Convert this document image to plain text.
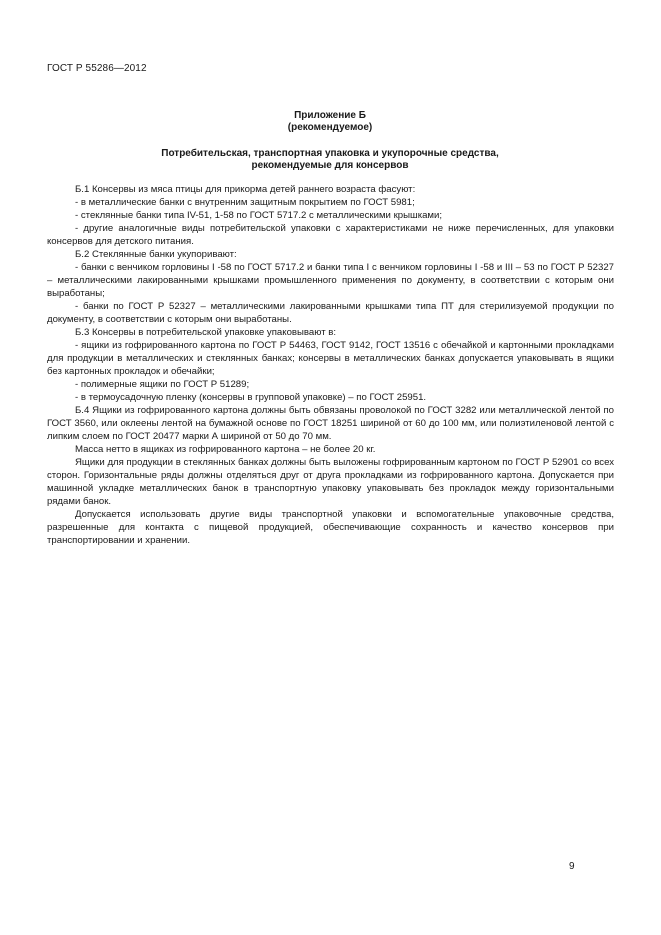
ГОСТ Р 55286—2012
Приложение Б
(рекомендуемое)
Потребительская, транспортная упаковка и укупорочные средства,
рекомендуемые для консервов

Б.1 Консервы из мяса птицы для прикорма детей раннего возраста фасуют:

- в металлические банки с внутренним защитным покрытием по ГОСТ 5981;

- стеклянные банки типа IV-51, 1-58 по ГОСТ 5717.2 с металлическими крышками;

- другие аналогичные виды потребительской упаковки с характеристиками не ниже перечисленных, для упаковки консервов для детского питания.

Б.2 Стеклянные банки укупоривают:

- банки с венчиком горловины I -58 по ГОСТ 5717.2 и банки типа I с венчиком горловины I -58 и III – 53 по ГОСТ Р 52327 – металлическими лакированными крышками промышленного применения по документу, в соответствии с которым они выработаны;

- банки по ГОСТ Р 52327 – металлическими лакированными крышками типа ПТ для стерилизуемой продукции по документу, в соответствии с которым они выработаны.

Б.3 Консервы в потребительской упаковке упаковывают в:

- ящики из гофрированного картона по ГОСТ Р 54463, ГОСТ 9142, ГОСТ 13516 с обечайкой и картонными прокладками для продукции в металлических и стеклянных банках; консервы в металлических банках допускается упаковывать в ящики без картонных прокладок и обечайки;

- полимерные ящики по ГОСТ Р 51289;

- в термоусадочную пленку (консервы в групповой упаковке) – по ГОСТ 25951.

Б.4 Ящики из гофрированного картона должны быть обвязаны проволокой по ГОСТ 3282 или металлической лентой по ГОСТ 3560, или оклеены лентой на бумажной основе по ГОСТ 18251 шириной от 60 до 100 мм, или полиэтиленовой лентой с липким слоем по ГОСТ 20477 марки А шириной от 50 до 70 мм.

Масса нетто в ящиках из гофрированного картона – не более 20 кг.

Ящики для продукции в стеклянных банках должны быть выложены гофрированным картоном по ГОСТ Р 52901 со всех сторон. Горизонтальные ряды должны отделяться друг от друга прокладками из гофрированного картона. Допускается при машинной укладке металлических банок в транспортную упаковку упаковывать без прокладок между горизонтальными рядами банок.

Допускается использовать другие виды транспортной упаковки и вспомогательные упаковочные средства, разрешенные для контакта с пищевой продукцией, обеспечивающие сохранность и качество консервов при транспортировании и хранении.

9
